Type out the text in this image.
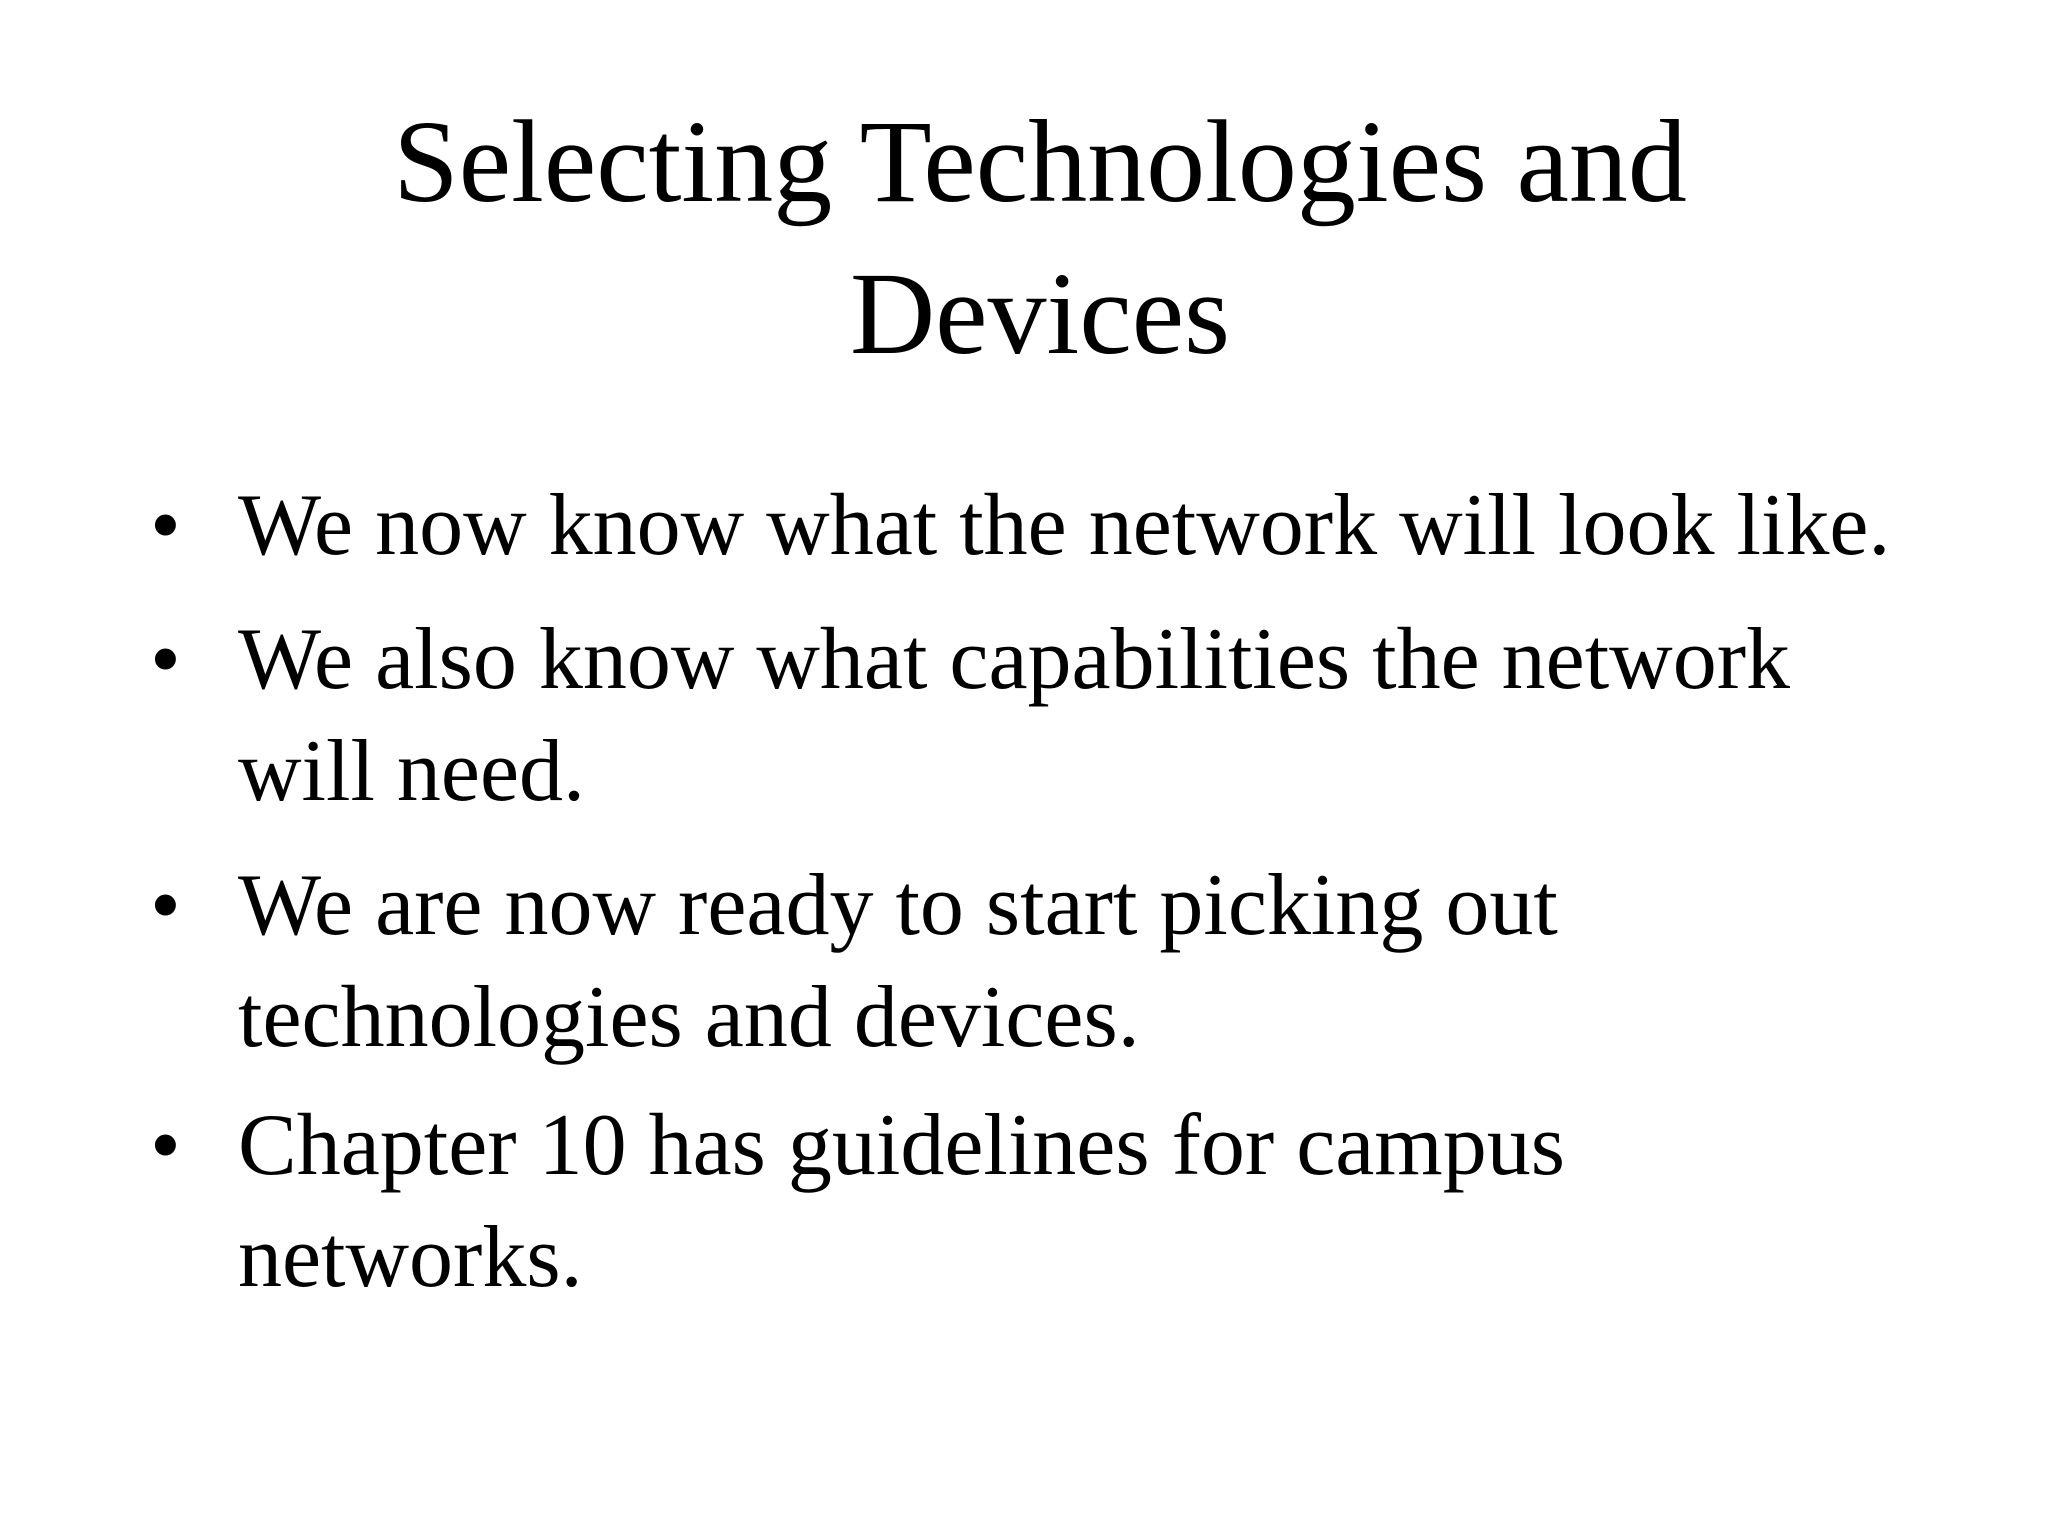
Selecting Technologies and
Devices
• We now know what the network will look like.
• We also know what capabilities the network
will need.
• We are now ready to start picking out
technologies and devices.
• Chapter 10 has guidelines for campus
networks.
